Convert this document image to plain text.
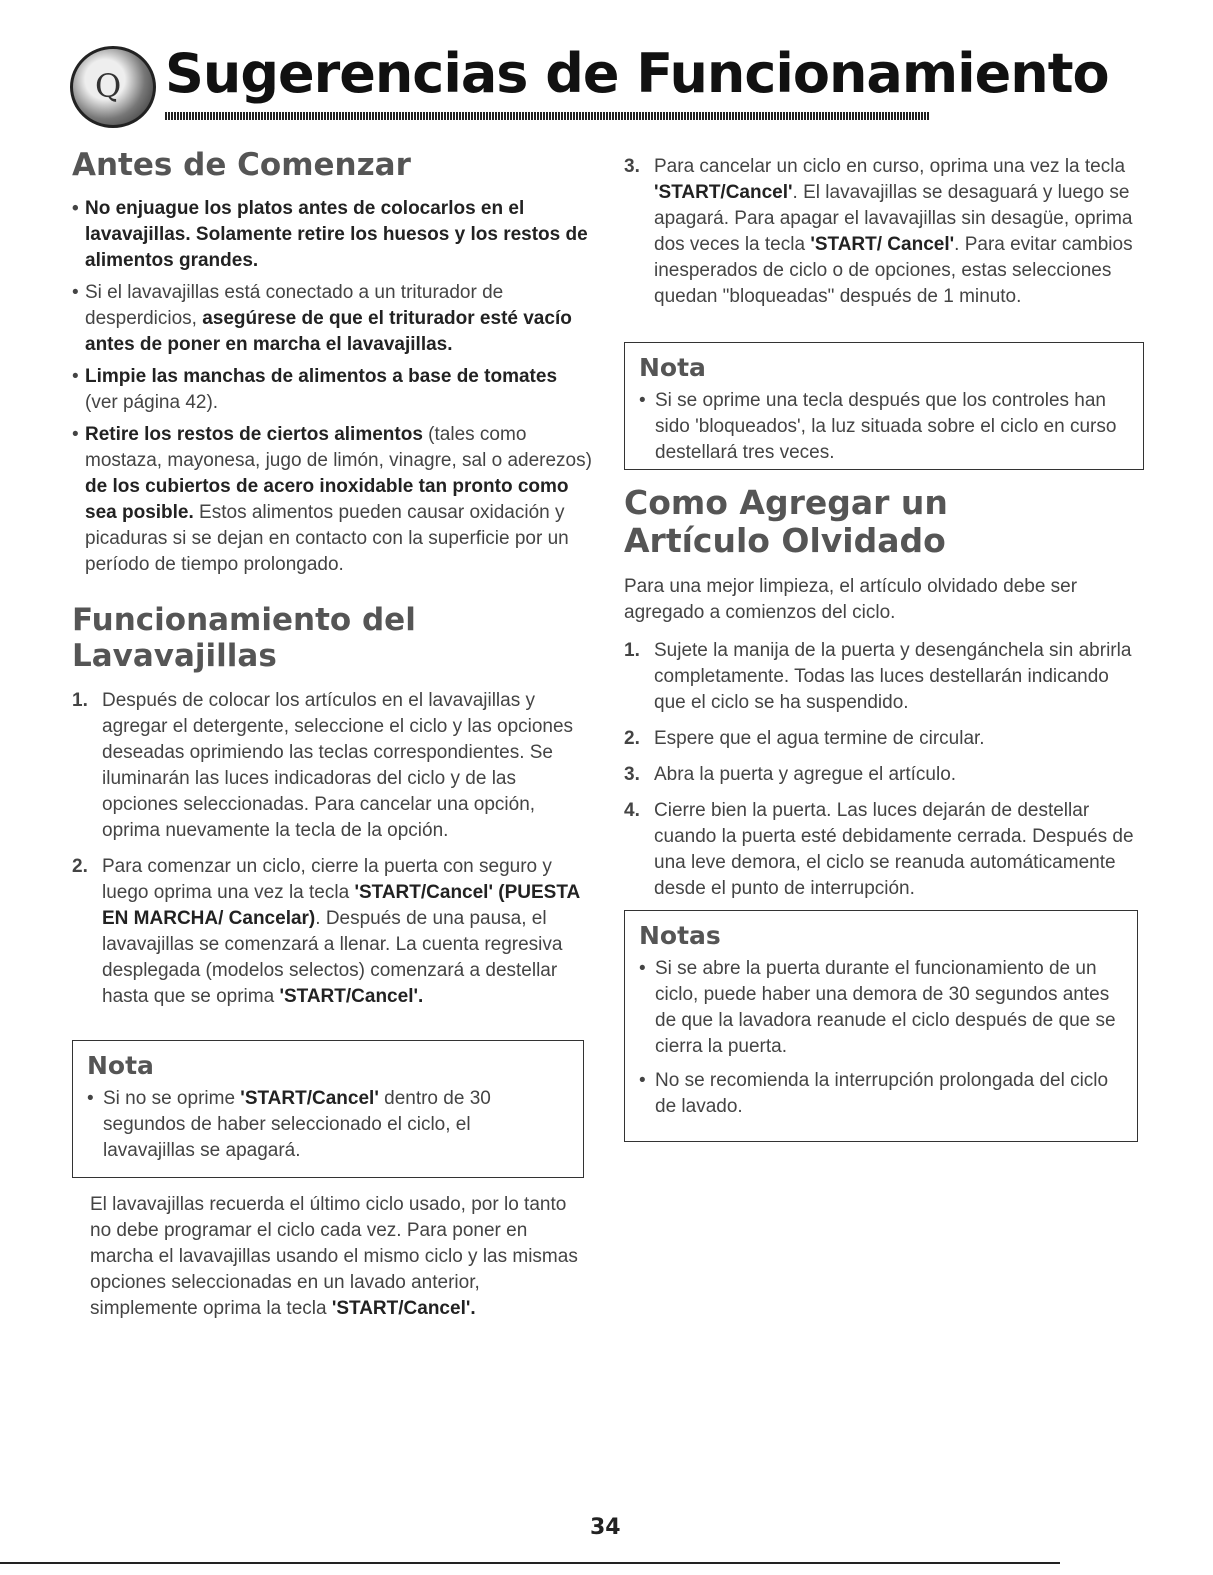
Q
Sugerencias de Funcionamiento
Antes de Comenzar
• No enjuague los platos antes de colocarlos en el lavavajillas. Solamente retire los huesos y los restos de alimentos grandes.
• Si el lavavajillas está conectado a un triturador de desperdicios, asegúrese de que el triturador esté vacío antes de poner en marcha el lavavajillas.
• Limpie las manchas de alimentos a base de tomates (ver página 42).
• Retire los restos de ciertos alimentos (tales como mostaza, mayonesa, jugo de limón, vinagre, sal o aderezos) de los cubiertos de acero inoxidable tan pronto como sea posible. Estos alimentos pueden causar oxidación y picaduras si se dejan en contacto con la superficie por un período de tiempo prolongado.
Funcionamiento del Lavavajillas
1. Después de colocar los artículos en el lavavajillas y agregar el detergente, seleccione el ciclo y las opciones deseadas oprimiendo las teclas correspondientes. Se iluminarán las luces indicadoras del ciclo y de las opciones seleccionadas. Para cancelar una opción, oprima nuevamente la tecla de la opción.
2. Para comenzar un ciclo, cierre la puerta con seguro y luego oprima una vez la tecla 'START/Cancel' (PUESTA EN MARCHA/ Cancelar). Después de una pausa, el lavavajillas se comenzará a llenar. La cuenta regresiva desplegada (modelos selectos) comenzará a destellar hasta que se oprima 'START/Cancel'.
Nota
• Si no se oprime 'START/Cancel' dentro de 30 segundos de haber seleccionado el ciclo, el lavavajillas se apagará.

El lavavajillas recuerda el último ciclo usado, por lo tanto no debe programar el ciclo cada vez. Para poner en marcha el lavavajillas usando el mismo ciclo y las mismas opciones seleccionadas en un lavado anterior, simplemente oprima la tecla 'START/Cancel'.

3. Para cancelar un ciclo en curso, oprima una vez la tecla 'START/Cancel'. El lavavajillas se desaguará y luego se apagará. Para apagar el lavavajillas sin desagüe, oprima dos veces la tecla 'START/ Cancel'. Para evitar cambios inesperados de ciclo o de opciones, estas selecciones quedan "bloqueadas" después de 1 minuto.
Nota
• Si se oprime una tecla después que los controles han sido 'bloqueados', la luz situada sobre el ciclo en curso destellará tres veces.
Como Agregar un Artículo Olvidado

Para una mejor limpieza, el artículo olvidado debe ser agregado a comienzos del ciclo.

1. Sujete la manija de la puerta y desengánchela sin abrirla completamente. Todas las luces destellarán indicando que el ciclo se ha suspendido.
2. Espere que el agua termine de circular.
3. Abra la puerta y agregue el artículo.
4. Cierre bien la puerta. Las luces dejarán de destellar cuando la puerta esté debidamente cerrada. Después de una leve demora, el ciclo se reanuda automáticamente desde el punto de interrupción.
Notas
• Si se abre la puerta durante el funcionamiento de un ciclo, puede haber una demora de 30 segundos antes de que la lavadora reanude el ciclo después de que se cierra la puerta.
• No se recomienda la interrupción prolongada del ciclo de lavado.
34
